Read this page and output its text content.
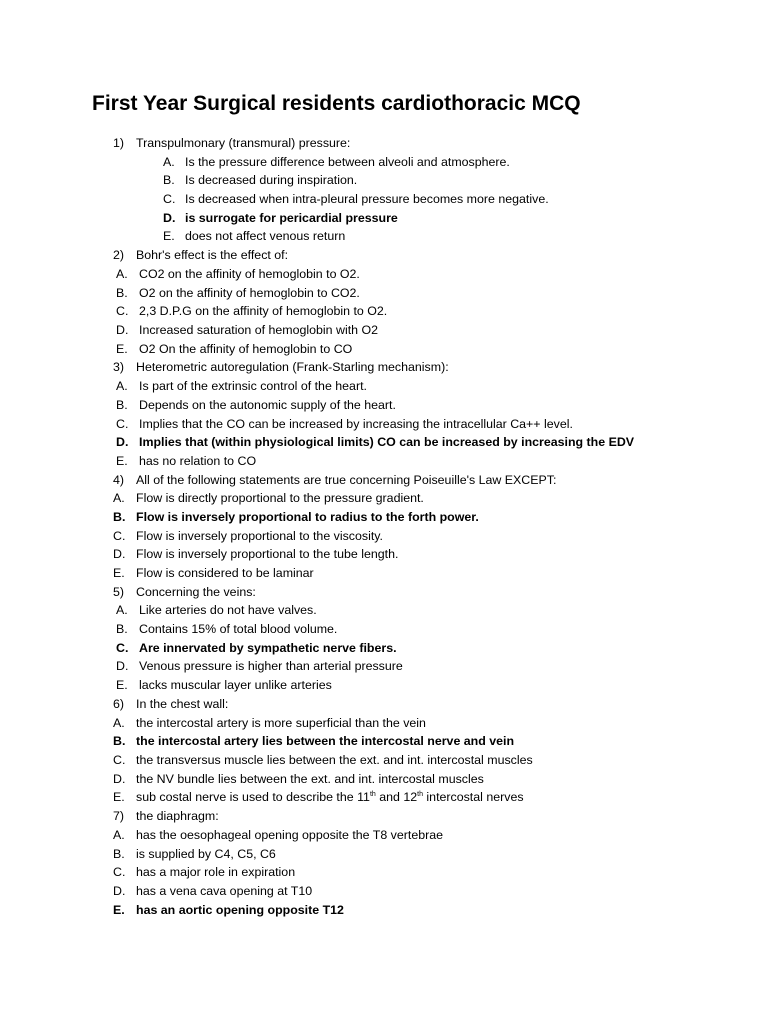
First Year Surgical residents cardiothoracic MCQ
1) Transpulmonary (transmural) pressure:
A. Is the pressure difference between alveoli and atmosphere.
B. Is decreased during inspiration.
C. Is decreased when intra-pleural pressure becomes more negative.
D. is surrogate for pericardial pressure
E. does not affect venous return
2) Bohr's effect is the effect of:
A. CO2 on the affinity of hemoglobin to O2.
B. O2 on the affinity of hemoglobin to CO2.
C. 2,3 D.P.G on the affinity of hemoglobin to O2.
D. Increased saturation of hemoglobin with O2
E. O2 On the affinity of hemoglobin to CO
3) Heterometric autoregulation (Frank-Starling mechanism):
A. Is part of the extrinsic control of the heart.
B. Depends on the autonomic supply of the heart.
C. Implies that the CO can be increased by increasing the intracellular Ca++ level.
D. Implies that (within physiological limits) CO can be increased by increasing the EDV
E. has no relation to CO
4) All of the following statements are true concerning Poiseuille's Law EXCEPT:
A. Flow is directly proportional to the pressure gradient.
B. Flow is inversely proportional to radius to the forth power.
C. Flow is inversely proportional to the viscosity.
D. Flow is inversely proportional to the tube length.
E. Flow is considered to be laminar
5) Concerning the veins:
A. Like arteries do not have valves.
B. Contains 15% of total blood volume.
C. Are innervated by sympathetic nerve fibers.
D. Venous pressure is higher than arterial pressure
E. lacks muscular layer unlike arteries
6) In the chest wall:
A. the intercostal artery is more superficial than the vein
B. the intercostal artery lies between the intercostal nerve and vein
C. the transversus muscle lies between the ext. and int. intercostal muscles
D. the NV bundle lies between the ext. and int. intercostal muscles
E. sub costal nerve is used to describe the 11th and 12th intercostal nerves
7) the diaphragm:
A. has the oesophageal opening opposite the T8 vertebrae
B. is supplied by C4, C5, C6
C. has a major role in expiration
D. has a vena cava opening at T10
E. has an aortic opening opposite T12
